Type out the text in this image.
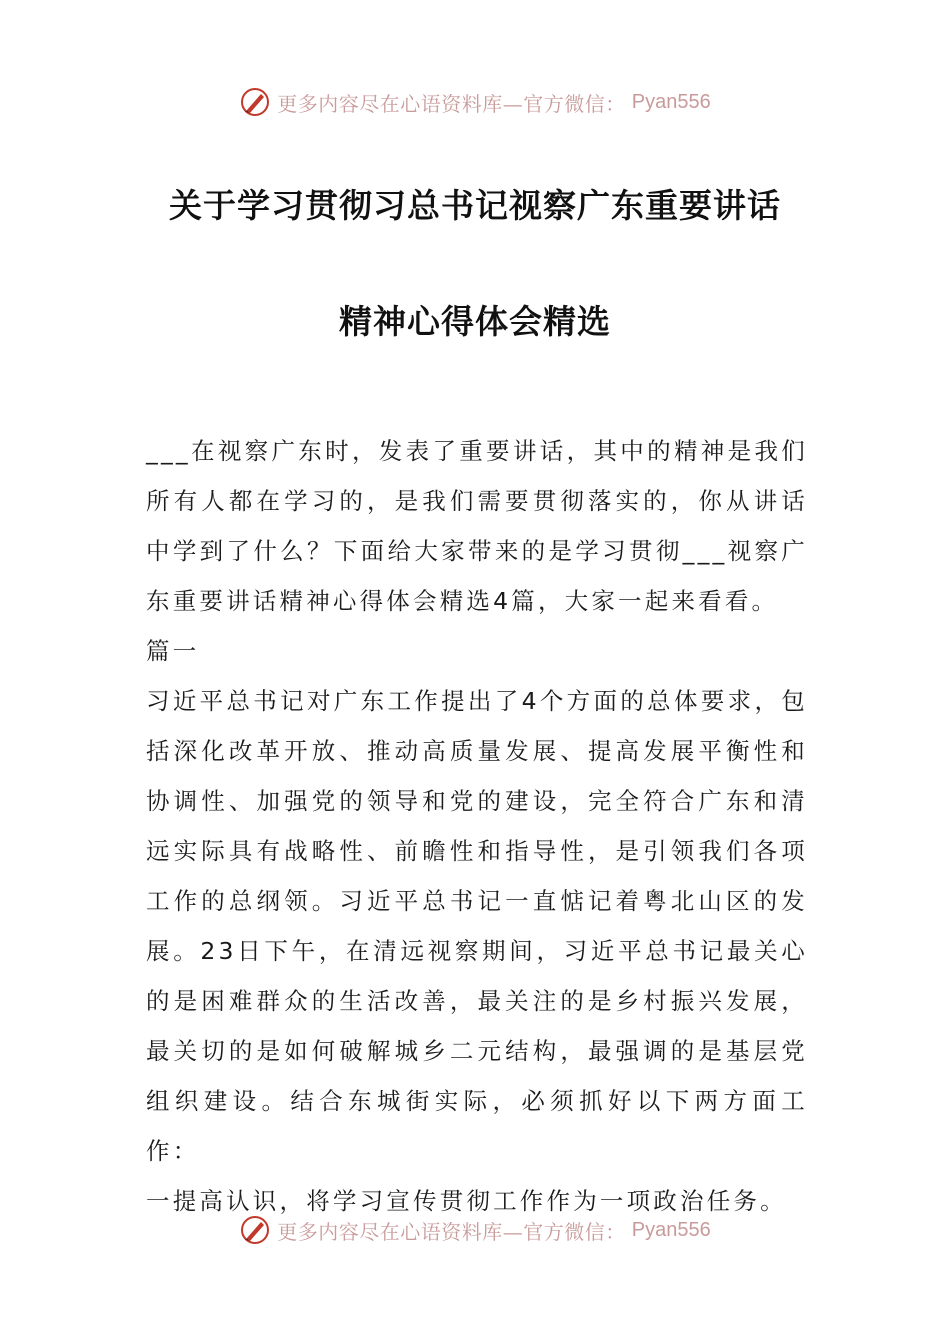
更多内容尽在心语资料库—官方微信： Pyan556
关于学习贯彻习总书记视察广东重要讲话
精神心得体会精选

___在视察广东时，发表了重要讲话，其中的精神是我们所有人都在学习的，是我们需要贯彻落实的，你从讲话中学到了什么？下面给大家带来的是学习贯彻___视察广东重要讲话精神心得体会精选4篇，大家一起来看看。

篇一

习近平总书记对广东工作提出了4个方面的总体要求，包括深化改革开放、推动高质量发展、提高发展平衡性和协调性、加强党的领导和党的建设，完全符合广东和清远实际具有战略性、前瞻性和指导性，是引领我们各项工作的总纲领。习近平总书记一直惦记着粤北山区的发展。23日下午，在清远视察期间，习近平总书记最关心的是困难群众的生活改善，最关注的是乡村振兴发展，最关切的是如何破解城乡二元结构，最强调的是基层党组织建设。结合东城街实际，必须抓好以下两方面工作：

一提高认识，将学习宣传贯彻工作作为一项政治任务。

更多内容尽在心语资料库—官方微信： Pyan556
